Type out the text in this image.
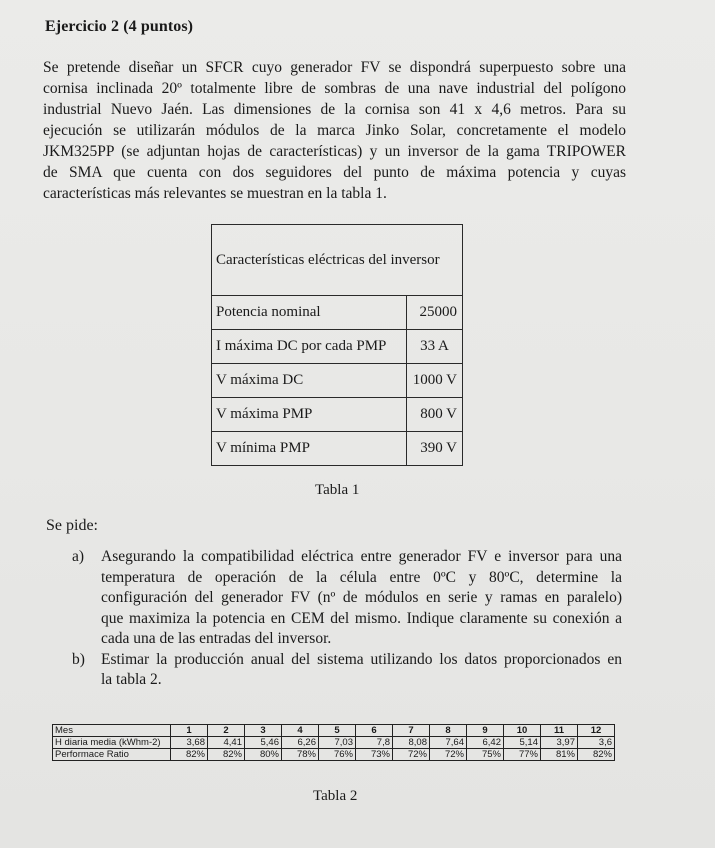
Ejercicio 2 (4 puntos)
Se pretende diseñar un SFCR cuyo generador FV se dispondrá superpuesto sobre una
cornisa inclinada 20º totalmente libre de sombras de una nave industrial del polígono
industrial Nuevo Jaén. Las dimensiones de la cornisa son 41 x 4,6 metros. Para su
ejecución se utilizarán módulos de la marca Jinko Solar, concretamente el modelo
JKM325PP (se adjuntan hojas de características) y un inversor de la gama TRIPOWER
de SMA que cuenta con dos seguidores del punto de máxima potencia y cuyas
características más relevantes se muestran en la tabla 1.
Características eléctricas del inversor	
Potencia nominal	25000
I máxima DC por cada PMP	33 A
V máxima DC	1000 V
V máxima PMP	800 V
V mínima PMP	390 V
Tabla 1
Se pide:
a) Asegurando la compatibilidad eléctrica entre generador FV e inversor para una
temperatura de operación de la célula entre 0ºC y 80ºC, determine la
configuración del generador FV (nº de módulos en serie y ramas en paralelo)
que maximiza la potencia en CEM del mismo. Indique claramente su conexión a
cada una de las entradas del inversor.
b) Estimar la producción anual del sistema utilizando los datos proporcionados en
la tabla 2.
Mes	1	2	3	4	5	6	7	8	9	10	11	12
H diaria media (kWhm-2)	3,68	4,41	5,46	6,26	7,03	7,8	8,08	7,64	6,42	5,14	3,97	3,6
Performace Ratio	82%	82%	80%	78%	76%	73%	72%	72%	75%	77%	81%	82%
Tabla 2
